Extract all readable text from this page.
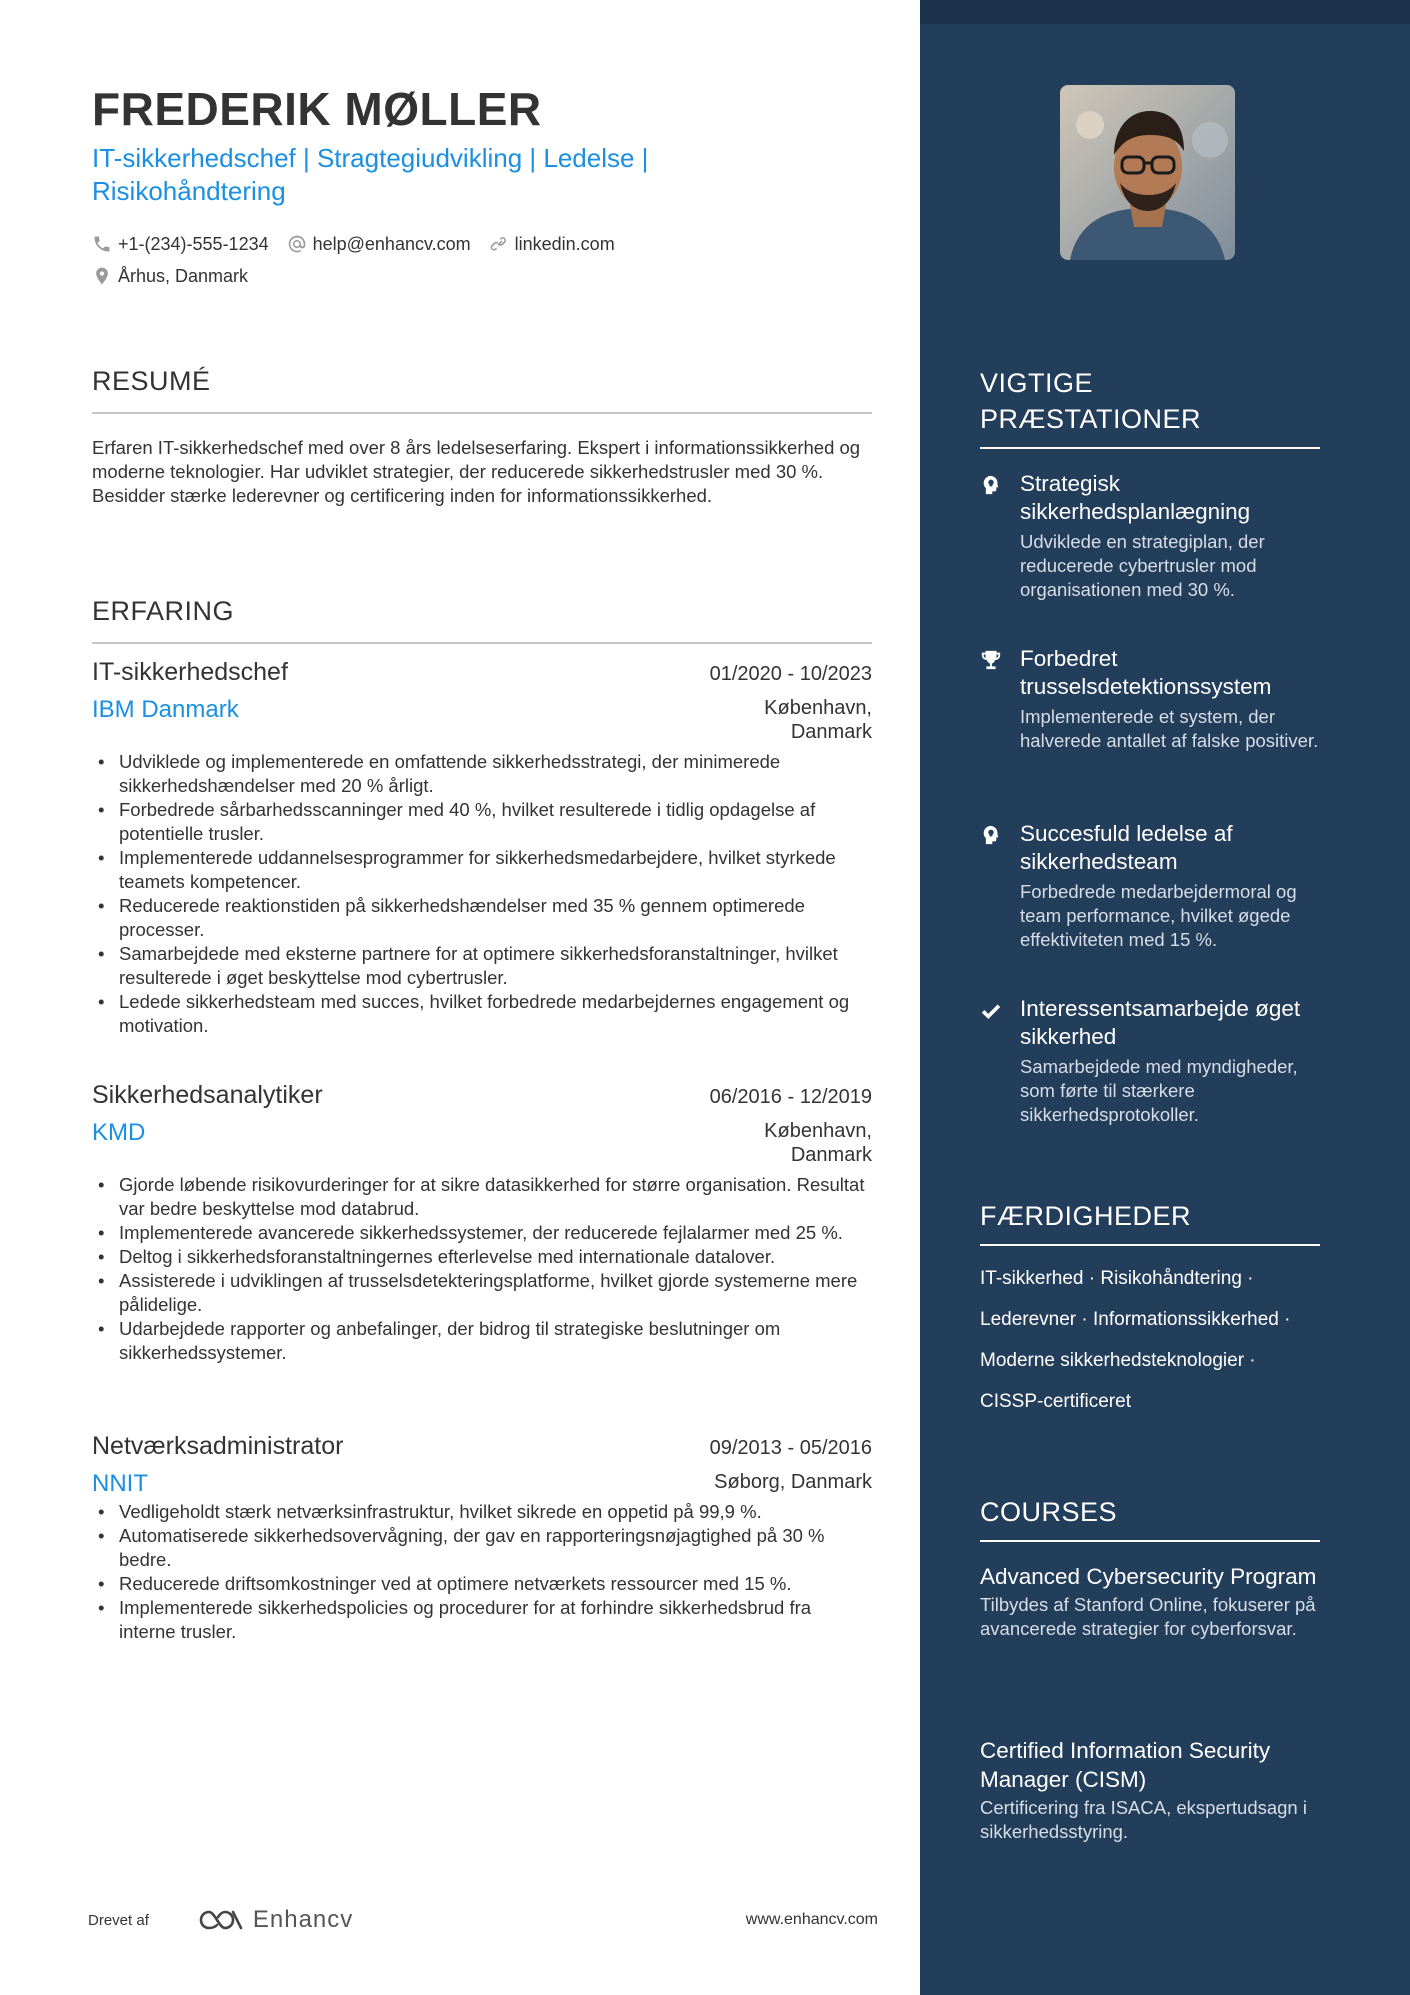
FREDERIK MØLLER
IT-sikkerhedschef | Stragtegiudvikling | Ledelse |
Risikohåndtering
+1-(234)-555-1234 help@enhancv.com linkedin.com
Århus, Danmark
RESUMÉ
Erfaren IT-sikkerhedschef med over 8 års ledelseserfaring. Ekspert i informationssikkerhed og moderne teknologier. Har udviklet strategier, der reducerede sikkerhedstrusler med 30 %. Besidder stærke lederevner og certificering inden for informationssikkerhed.
ERFARING
IT-sikkerhedschef	01/2020 - 10/2023
IBM Danmark	København, Danmark
• Udviklede og implementerede en omfattende sikkerhedsstrategi, der minimerede sikkerhedshændelser med 20 % årligt.
• Forbedrede sårbarhedsscanninger med 40 %, hvilket resulterede i tidlig opdagelse af potentielle trusler.
• Implementerede uddannelsesprogrammer for sikkerhedsmedarbejdere, hvilket styrkede teamets kompetencer.
• Reducerede reaktionstiden på sikkerhedshændelser med 35 % gennem optimerede processer.
• Samarbejdede med eksterne partnere for at optimere sikkerhedsforanstaltninger, hvilket resulterede i øget beskyttelse mod cybertrusler.
• Ledede sikkerhedsteam med succes, hvilket forbedrede medarbejdernes engagement og motivation.
Sikkerhedsanalytiker	06/2016 - 12/2019
KMD	København, Danmark
• Gjorde løbende risikovurderinger for at sikre datasikkerhed for større organisation. Resultat var bedre beskyttelse mod databrud.
• Implementerede avancerede sikkerhedssystemer, der reducerede fejlalarmer med 25 %.
• Deltog i sikkerhedsforanstaltningernes efterlevelse med internationale datalover.
• Assisterede i udviklingen af trusselsdetekteringsplatforme, hvilket gjorde systemerne mere pålidelige.
• Udarbejdede rapporter og anbefalinger, der bidrog til strategiske beslutninger om sikkerhedssystemer.
Netværksadministrator	09/2013 - 05/2016
NNIT	Søborg, Danmark
• Vedligeholdt stærk netværksinfrastruktur, hvilket sikrede en oppetid på 99,9 %.
• Automatiserede sikkerhedsovervågning, der gav en rapporteringsnøjagtighed på 30 % bedre.
• Reducerede driftsomkostninger ved at optimere netværkets ressourcer med 15 %.
• Implementerede sikkerhedspolicies og procedurer for at forhindre sikkerhedsbrud fra interne trusler.
Drevet af	Enhancv	www.enhancv.com
VIGTIGE
PRÆSTATIONER
Strategisk sikkerhedsplanlægning
Udviklede en strategiplan, der reducerede cybertrusler mod organisationen med 30 %.
Forbedret trusselsdetektionssystem
Implementerede et system, der halverede antallet af falske positiver.
Succesfuld ledelse af sikkerhedsteam
Forbedrede medarbejdermoral og team performance, hvilket øgede effektiviteten med 15 %.
Interessentsamarbejde øget sikkerhed
Samarbejdede med myndigheder, som førte til stærkere sikkerhedsprotokoller.
FÆRDIGHEDER
IT-sikkerhed · Risikohåndtering ·
Lederevner · Informationssikkerhed ·
Moderne sikkerhedsteknologier ·
CISSP-certificeret
COURSES
Advanced Cybersecurity Program
Tilbydes af Stanford Online, fokuserer på avancerede strategier for cyberforsvar.
Certified Information Security Manager (CISM)
Certificering fra ISACA, ekspertudsagn i sikkerhedsstyring.
